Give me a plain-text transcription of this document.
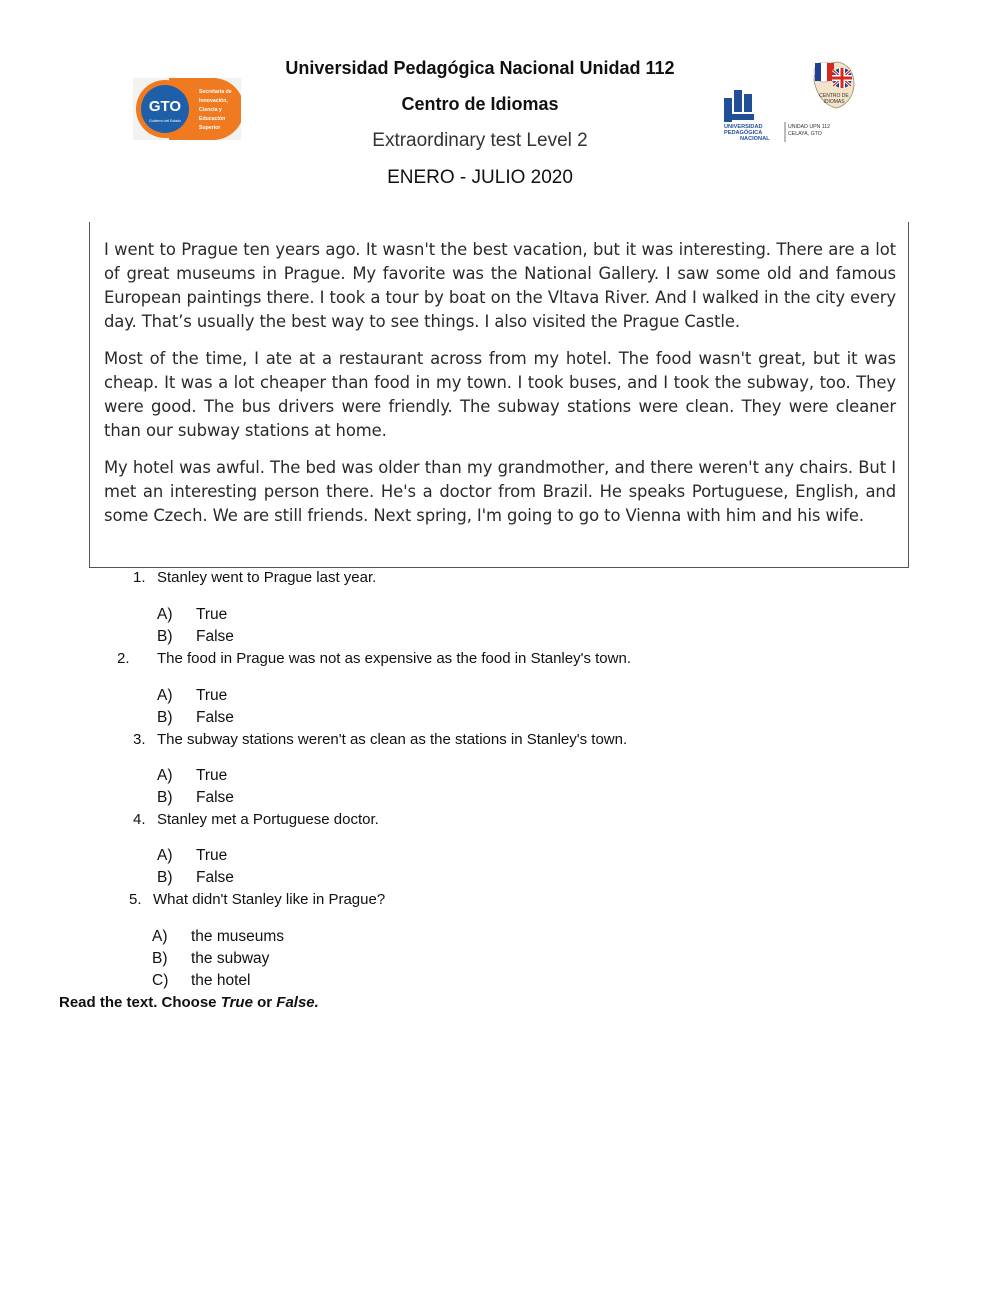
Universidad Pedagógica Nacional Unidad 112
Centro de Idiomas
Extraordinary test Level 2
ENERO - JULIO 2020
GTO
Gobierno del Estado
Secretaría de
Innovación,
Ciencia y
Educación
Superior	UNIVERSIDAD
PEDAGÓGICA
NACIONAL
UNIDAD UPN 112
CELAYA, GTO
CENTRO DE
IDIOMAS

I went to Prague ten years ago. It wasn't the best vacation, but it was interesting. There are a lot of great museums in Prague. My favorite was the National Gallery. I saw some old and famous European paintings there. I took a tour by boat on the Vltava River. And I walked in the city every day. That’s usually the best way to see things. I also visited the Prague Castle.

Most of the time, I ate at a restaurant across from my hotel. The food wasn't great, but it was cheap. It was a lot cheaper than food in my town. I took buses, and I took the subway, too. They were good. The bus drivers were friendly. The subway stations were clean. They were cleaner than our subway stations at home.

My hotel was awful. The bed was older than my grandmother, and there weren't any chairs. But I met an interesting person there. He's a doctor from Brazil. He speaks Portuguese, English, and some Czech. We are still friends. Next spring, I'm going to go to Vienna with him and his wife.

1. Stanley went to Prague last year.
A) True
B) False
2. The food in Prague was not as expensive as the food in Stanley's town.
A) True
B) False
3. The subway stations weren't as clean as the stations in Stanley's town.
A) True
B) False
4. Stanley met a Portuguese doctor.
A) True
B) False
5. What didn't Stanley like in Prague?
A) the museums
B) the subway
C) the hotel
Read the text. Choose True or False.
